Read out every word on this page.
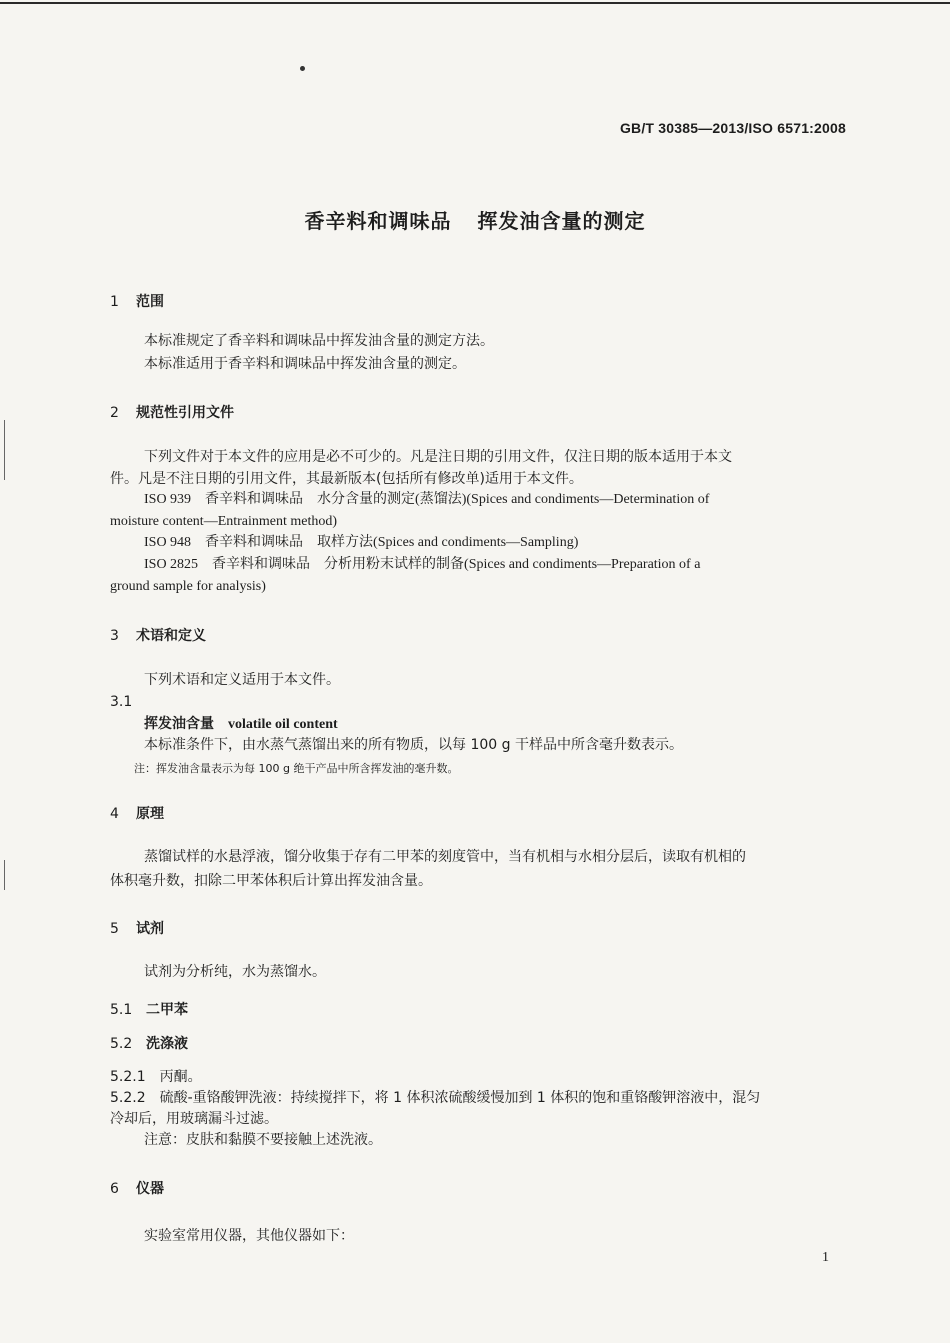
GB/T 30385—2013/ISO 6571:2008
香辛料和调味品 挥发油含量的测定
1 范围
本标准规定了香辛料和调味品中挥发油含量的测定方法。
本标准适用于香辛料和调味品中挥发油含量的测定。
2 规范性引用文件
下列文件对于本文件的应用是必不可少的。凡是注日期的引用文件，仅注日期的版本适用于本文
件。凡是不注日期的引用文件，其最新版本(包括所有修改单)适用于本文件。
ISO 939　香辛料和调味品　水分含量的测定(蒸馏法)(Spices and condiments—Determination of
moisture content—Entrainment method)
ISO 948　香辛料和调味品　取样方法(Spices and condiments—Sampling)
ISO 2825　香辛料和调味品　分析用粉末试样的制备(Spices and condiments—Preparation of a
ground sample for analysis)
3 术语和定义
下列术语和定义适用于本文件。
3.1
挥发油含量 volatile oil content
本标准条件下，由水蒸气蒸馏出来的所有物质，以每 100 g 干样品中所含毫升数表示。
注：挥发油含量表示为每 100 g 绝干产品中所含挥发油的毫升数。
4 原理
蒸馏试样的水悬浮液，馏分收集于存有二甲苯的刻度管中，当有机相与水相分层后，读取有机相的
体积毫升数，扣除二甲苯体积后计算出挥发油含量。
5 试剂
试剂为分析纯，水为蒸馏水。
5.1 二甲苯
5.2 洗涤液
5.2.1　丙酮。
5.2.2　硫酸-重铬酸钾洗液：持续搅拌下，将 1 体积浓硫酸缓慢加到 1 体积的饱和重铬酸钾溶液中，混匀
冷却后，用玻璃漏斗过滤。
注意：皮肤和黏膜不要接触上述洗液。
6 仪器
实验室常用仪器，其他仪器如下：
1
